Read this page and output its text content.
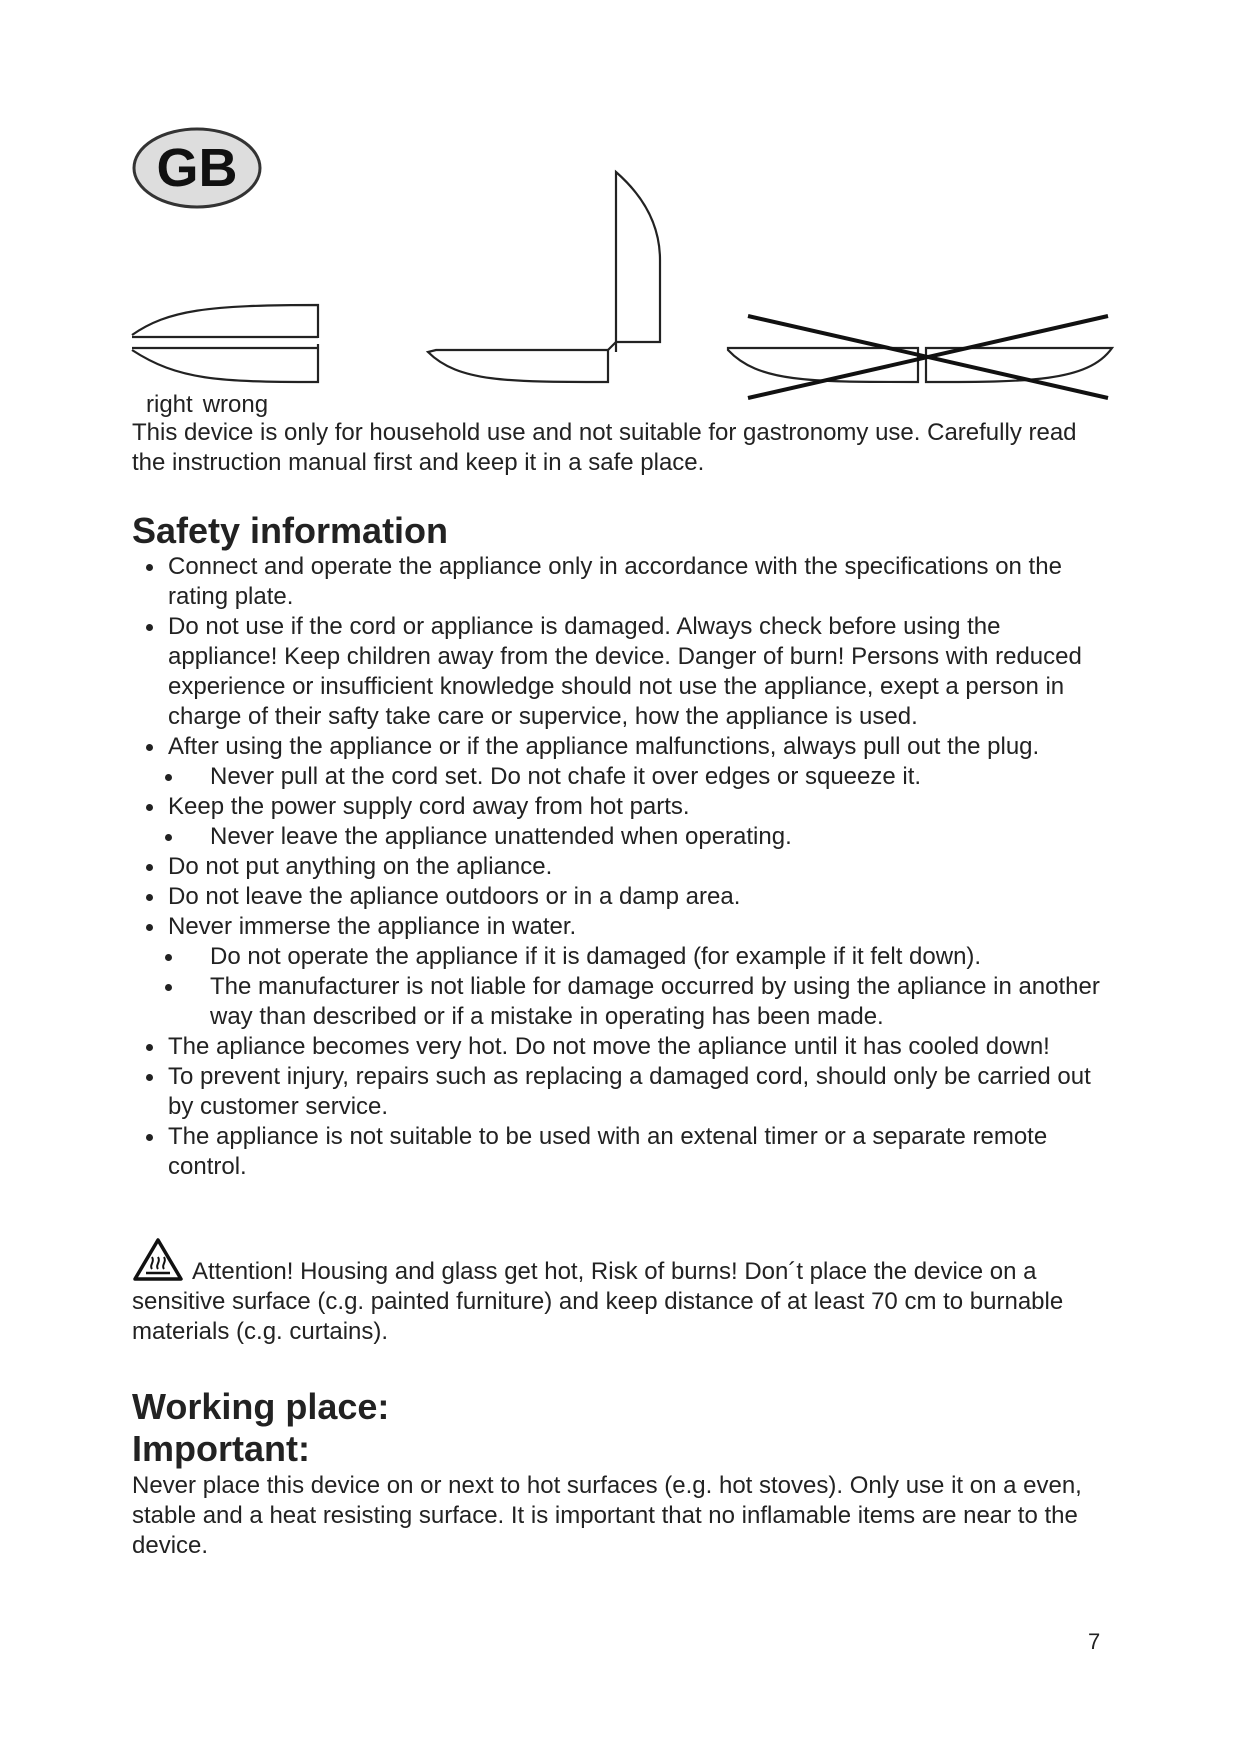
GB
right wrong
This device is only for household use and not suitable for gastronomy use. Carefully read the instruction manual first and keep it in a safe place.
Safety information
Connect and operate the appliance only in accordance with the specifications on the rating plate.
Do not use if the cord or appliance is damaged. Always check before using the appliance! Keep children away from the device. Danger of burn! Persons with reduced experience or insufficient knowledge should not use the appliance, exept a person in charge of their safty take care or supervice, how the appliance is used.
After using the appliance or if the appliance malfunctions, always pull out the plug.
Never pull at the cord set. Do not chafe it over edges or squeeze it.
Keep the power supply cord away from hot parts.
Never leave the appliance unattended when operating.
Do not put anything on the apliance.
Do not leave the apliance outdoors or in a damp area.
Never immerse the appliance in water.
Do not operate the appliance if it is damaged (for example if it felt down).
The manufacturer is not liable for damage occurred by using the apliance in another way than described or if a mistake in operating has been made.
The apliance becomes very hot. Do not move the apliance until it has cooled down!
To prevent injury, repairs such as replacing a damaged cord, should only be carried out by customer service.
The appliance is not suitable to be used with an extenal timer or a separate remote control.
Attention! Housing and glass get hot, Risk of burns! Don´t place the device on a sensitive surface (c.g. painted furniture) and keep distance of at least 70 cm to burnable materials (c.g. curtains).
Working place:
Important:
Never place this device on or next to hot surfaces (e.g. hot stoves). Only use it on a even, stable and a heat resisting surface. It is important that no inflamable items are near to the device.
7
